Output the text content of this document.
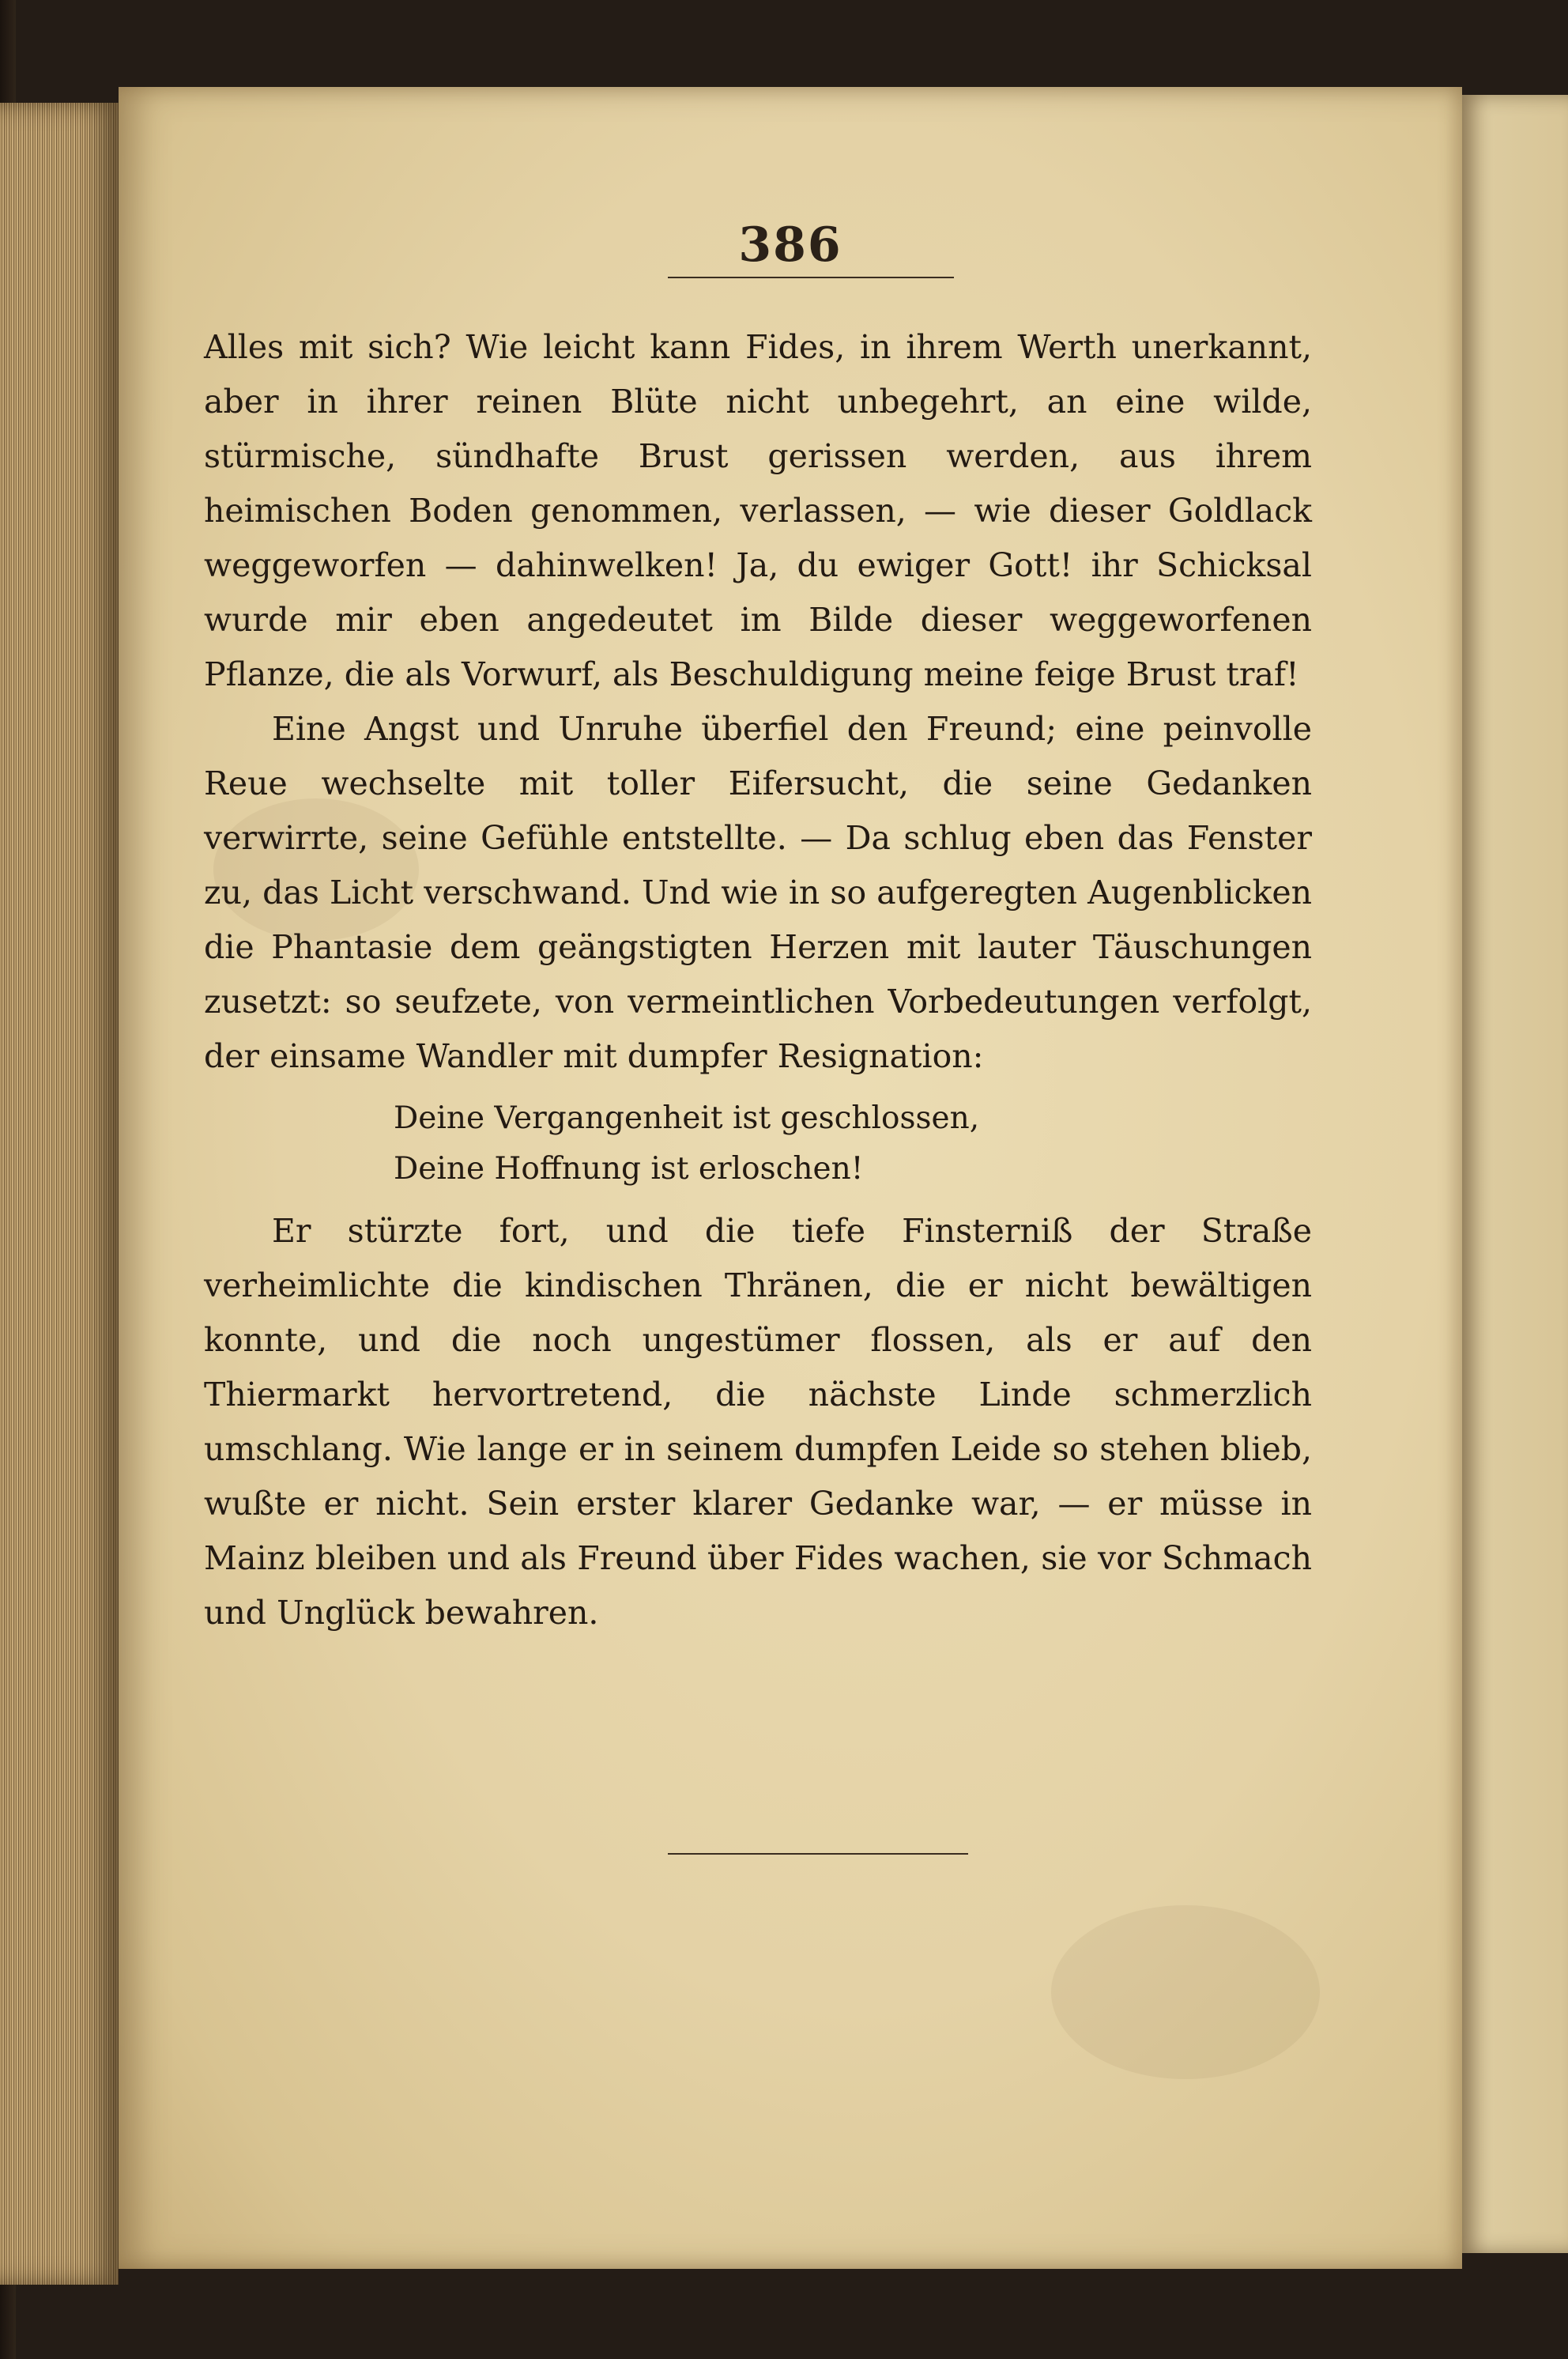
386

Alles mit sich? Wie leicht kann Fides, in ihrem Werth unerkannt, aber in ihrer reinen Blüte nicht unbegehrt, an eine wilde, stürmische, sündhafte Brust gerissen werden, aus ihrem heimischen Boden genommen, verlassen, — wie dieser Goldlack weggeworfen — dahinwelken! Ja, du ewiger Gott! ihr Schicksal wurde mir eben angedeutet im Bilde dieser weggeworfenen Pflanze, die als Vorwurf, als Beschuldigung meine feige Brust traf!

Eine Angst und Unruhe überfiel den Freund; eine peinvolle Reue wechselte mit toller Eifersucht, die seine Gedanken verwirrte, seine Gefühle entstellte. — Da schlug eben das Fenster zu, das Licht verschwand. Und wie in so aufgeregten Augenblicken die Phantasie dem geängstigten Herzen mit lauter Täuschungen zusetzt: so seufzete, von vermeintlichen Vorbedeutungen verfolgt, der einsame Wandler mit dumpfer Resignation:

Deine Vergangenheit ist geschlossen,
Deine Hoffnung ist erloschen!

Er stürzte fort, und die tiefe Finsterniß der Straße verheimlichte die kindischen Thränen, die er nicht bewältigen konnte, und die noch ungestümer flossen, als er auf den Thiermarkt hervortretend, die nächste Linde schmerzlich umschlang. Wie lange er in seinem dumpfen Leide so stehen blieb, wußte er nicht. Sein erster klarer Gedanke war, — er müsse in Mainz bleiben und als Freund über Fides wachen, sie vor Schmach und Unglück bewahren.
